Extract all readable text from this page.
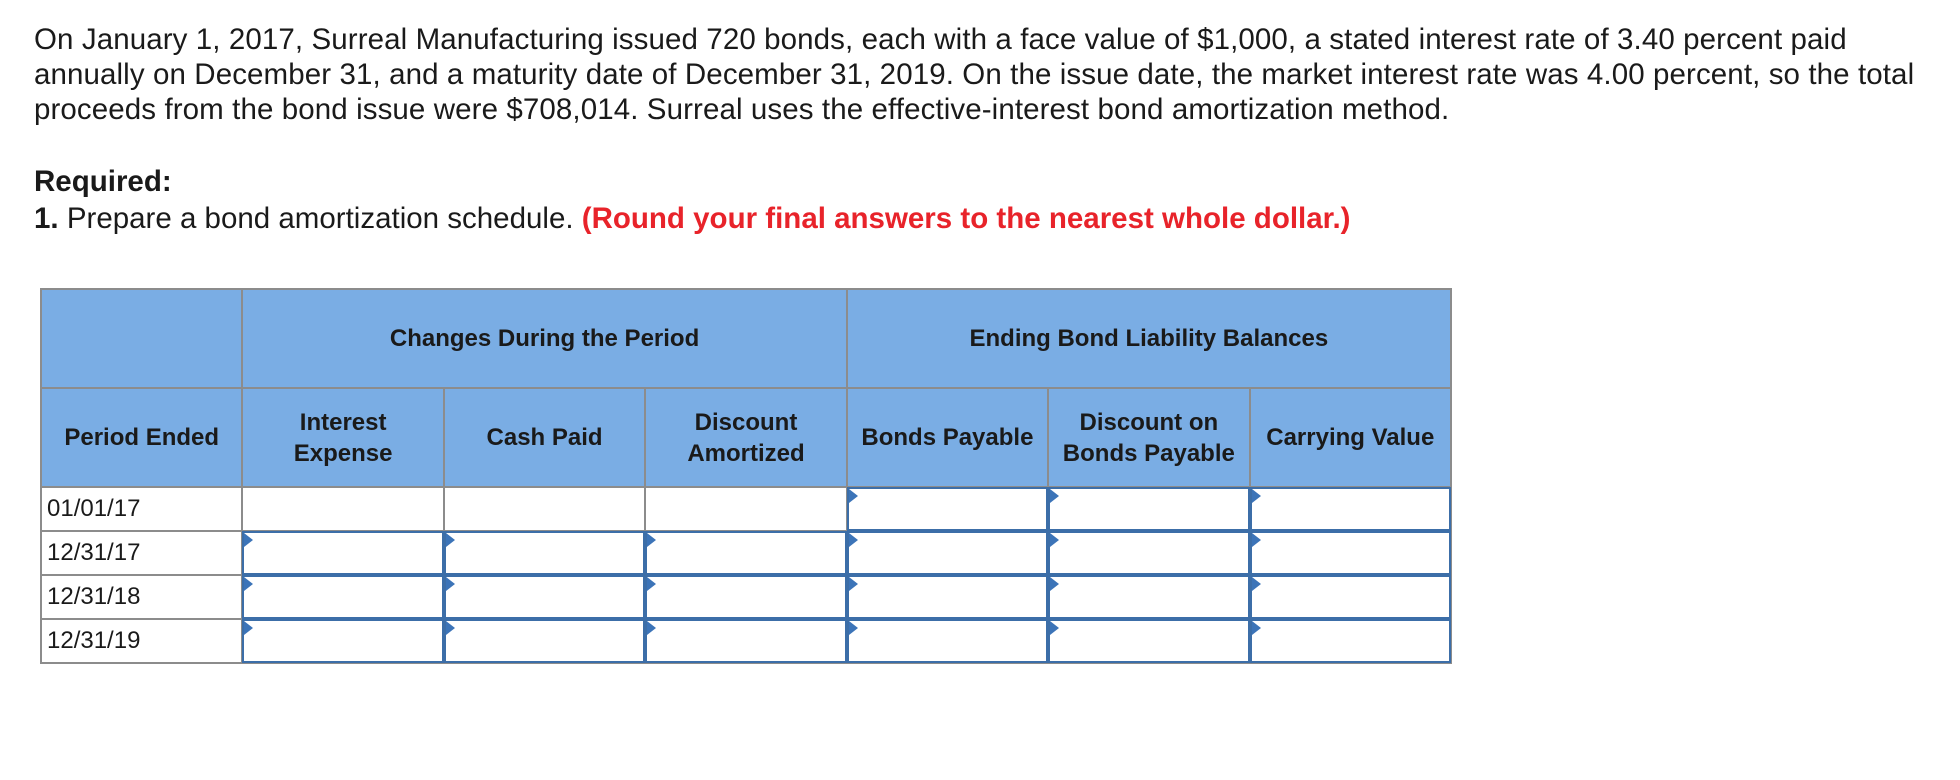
On January 1, 2017, Surreal Manufacturing issued 720 bonds, each with a face value of $1,000, a stated interest rate of 3.40 percent paid annually on December 31, and a maturity date of December 31, 2019. On the issue date, the market interest rate was 4.00 percent, so the total proceeds from the bond issue were $708,014. Surreal uses the effective-interest bond amortization method.

Required:

1. Prepare a bond amortization schedule. (Round your final answers to the nearest whole dollar.)

	Changes During the Period			Ending Bond Liability Balances		
Period Ended	Interest Expense	Cash Paid	Discount Amortized	Bonds Payable	Discount on Bonds Payable	Carrying Value
01/01/17	

12/31/17	

12/31/18	

12/31/19	
